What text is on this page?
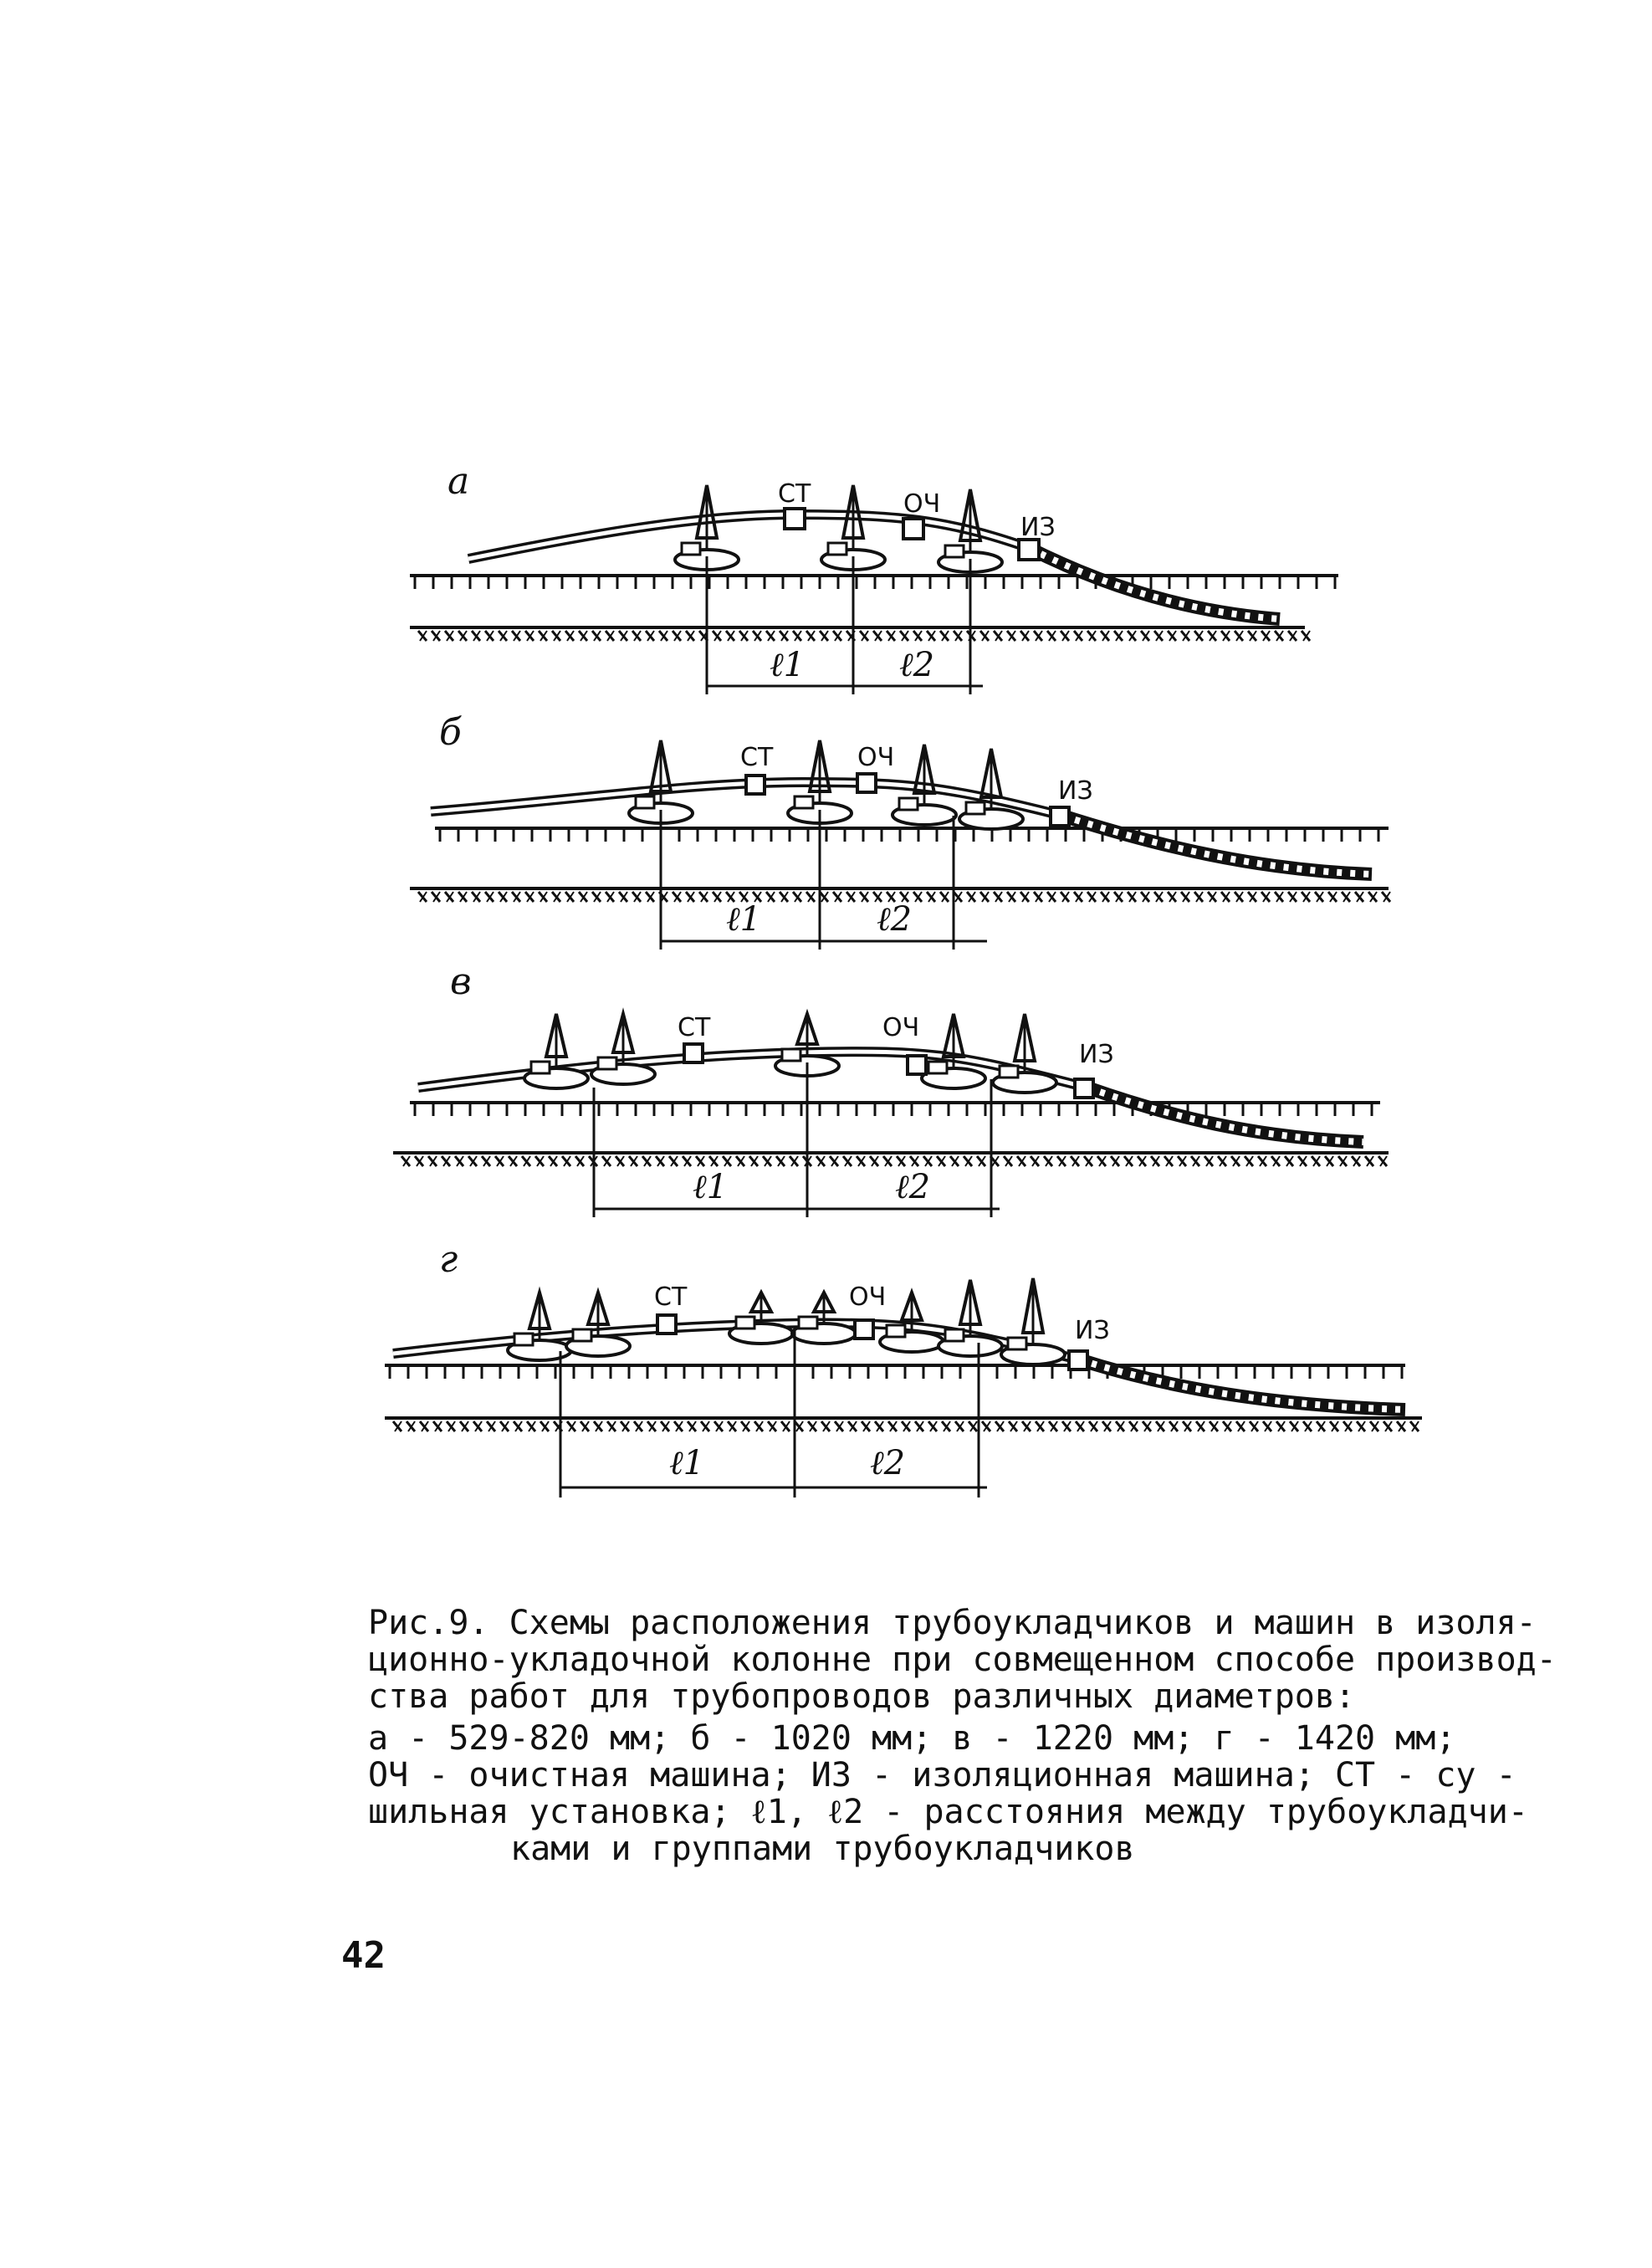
а	СТ	ОЧ
ИЗ
ℓ1	ℓ2
б
СТ	ОЧ
ИЗ
ℓ1	ℓ2
в
СТ	ОЧ
ИЗ
ℓ1	ℓ2
г
СТ	ОЧ
ИЗ
ℓ1	ℓ2
Рис.9. Схемы расположения трубоукладчиков и машин в изоля-
ционно-укладочной колонне при совмещенном способе производ-
ства работ для трубопроводов различных диаметров:
а - 529-820 мм; б - 1020 мм; в - 1220 мм; г - 1420 мм;
ОЧ - очистная машина; ИЗ - изоляционная машина; СТ - су -
шильная установка; ℓ1, ℓ2 - расстояния между трубоукладчи-
ками и группами трубоукладчиков
42
